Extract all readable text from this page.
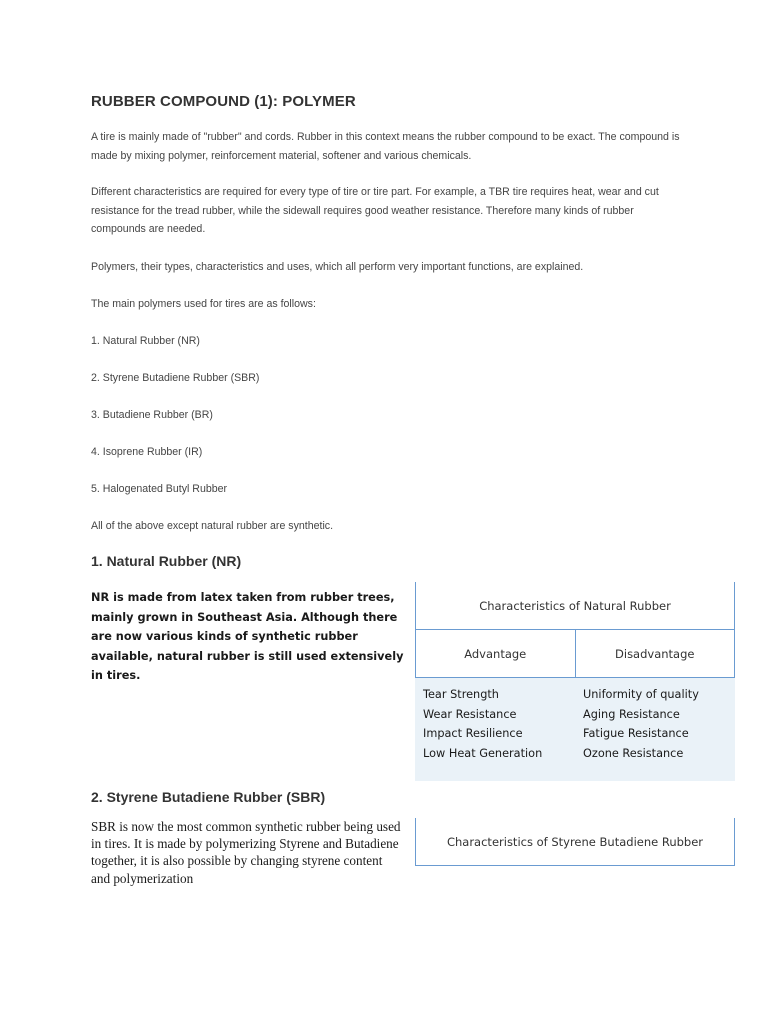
RUBBER COMPOUND (1): POLYMER

A tire is mainly made of "rubber" and cords. Rubber in this context means the rubber compound to be exact. The compound is made by mixing polymer, reinforcement material, softener and various chemicals.

Different characteristics are required for every type of tire or tire part. For example, a TBR tire requires heat, wear and cut resistance for the tread rubber, while the sidewall requires good weather resistance. Therefore many kinds of rubber compounds are needed.

Polymers, their types, characteristics and uses, which all perform very important functions, are explained.

The main polymers used for tires are as follows:

1. Natural Rubber (NR)

2. Styrene Butadiene Rubber (SBR)

3. Butadiene Rubber (BR)

4. Isoprene Rubber (IR)

5. Halogenated Butyl Rubber

All of the above except natural rubber are synthetic.

1. Natural Rubber (NR)

NR is made from latex taken from rubber trees, mainly grown in Southeast Asia. Although there are now various kinds of synthetic rubber available, natural rubber is still used extensively in tires.

Characteristics of Natural Rubber
Advantage	Disadvantage
Tear Strength
Wear Resistance
Impact Resilience
Low Heat Generation
Uniformity of quality
Aging Resistance
Fatigue Resistance
Ozone Resistance
2. Styrene Butadiene Rubber (SBR)

SBR is now the most common synthetic rubber being used in tires. It is made by polymerizing Styrene and Butadiene together, it is also possible by changing styrene content and polymerization

Characteristics of Styrene Butadiene Rubber
